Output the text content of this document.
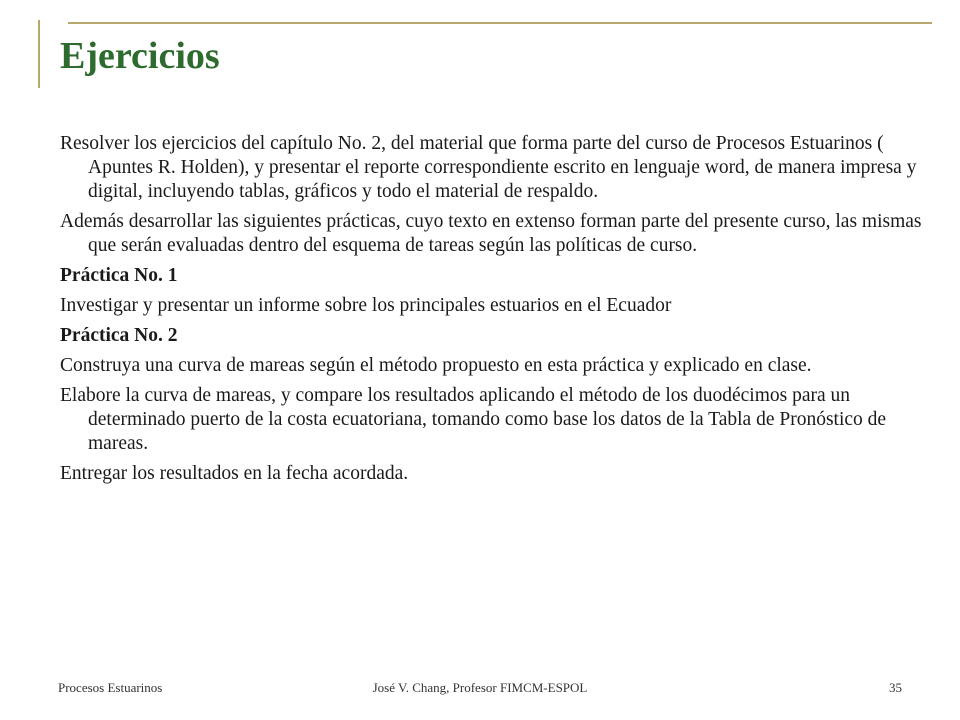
Ejercicios

Resolver los ejercicios del capítulo No. 2, del material que forma parte del curso de Procesos Estuarinos ( Apuntes R. Holden), y presentar el reporte correspondiente escrito en lenguaje word, de manera impresa y digital, incluyendo tablas, gráficos y todo el material de respaldo.

Además desarrollar las siguientes prácticas, cuyo texto en extenso forman parte del presente curso, las mismas que serán evaluadas dentro del esquema de tareas según las políticas de curso.

Práctica No. 1

Investigar y presentar un informe sobre los principales estuarios en el Ecuador

Práctica No. 2

Construya una curva de mareas según el método propuesto en esta práctica y explicado en clase.

Elabore la curva de mareas, y compare los resultados aplicando el método de los duodécimos para un determinado puerto de la costa ecuatoriana, tomando como base los datos de la Tabla de Pronóstico de mareas.

Entregar los resultados en la fecha acordada.

Procesos Estuarinos	José V. Chang, Profesor FIMCM-ESPOL	35
